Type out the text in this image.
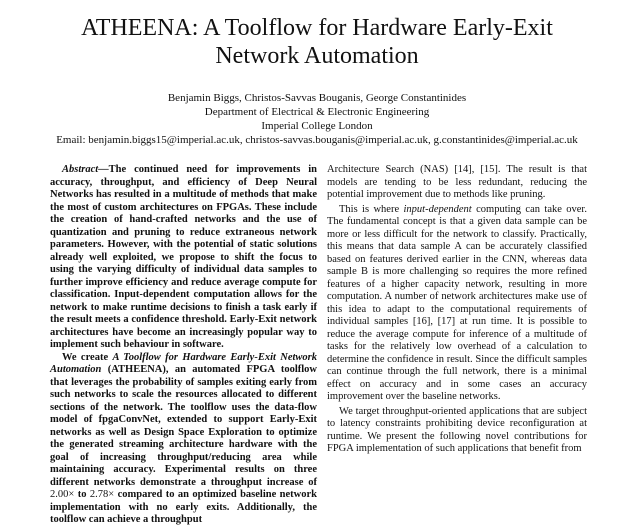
ATHEENA: A Toolflow for Hardware Early-Exit
Network Automation
Benjamin Biggs, Christos-Savvas Bouganis, George Constantinides
Department of Electrical & Electronic Engineering
Imperial College London
Email: benjamin.biggs15@imperial.ac.uk, christos-savvas.bouganis@imperial.ac.uk, g.constantinides@imperial.ac.uk

Abstract—The continued need for improvements in accuracy, throughput, and efficiency of Deep Neural Networks has resulted in a multitude of methods that make the most of custom architectures on FPGAs. These include the creation of hand-crafted networks and the use of quantization and pruning to reduce extraneous network parameters. However, with the potential of static solutions already well exploited, we propose to shift the focus to using the varying difficulty of individual data samples to further improve efficiency and reduce average compute for classification. Input-dependent computation allows for the network to make runtime decisions to finish a task early if the result meets a confidence threshold. Early-Exit network architectures have become an increasingly popular way to implement such behaviour in software.

We create A Toolflow for Hardware Early-Exit Network Automation (ATHEENA), an automated FPGA toolflow that leverages the probability of samples exiting early from such networks to scale the resources allocated to different sections of the network. The toolflow uses the data-flow model of fpgaConvNet, extended to support Early-Exit networks as well as Design Space Exploration to optimize the generated streaming architecture hardware with the goal of increasing throughput/reducing area while maintaining accuracy. Experimental results on three different networks demonstrate a throughput increase of 2.00× to 2.78× compared to an optimized baseline network implementation with no early exits. Additionally, the toolflow can achieve a throughput

Architecture Search (NAS) [14], [15]. The result is that models are tending to be less redundant, reducing the potential improvement due to methods like pruning.

This is where input-dependent computing can take over. The fundamental concept is that a given data sample can be more or less difficult for the network to classify. Practically, this means that data sample A can be accurately classified based on features derived earlier in the CNN, whereas data sample B is more challenging so requires the more refined features of a higher capacity network, resulting in more computation. A number of network architectures make use of this idea to adapt to the computational requirements of individual samples [16], [17] at run time. It is possible to reduce the average compute for inference of a multitude of tasks for the relatively low overhead of a calculation to determine the confidence in result. Since the difficult samples can continue through the full network, there is a minimal effect on accuracy and in some cases an accuracy improvement over the baseline networks.

We target throughput-oriented applications that are subject to latency constraints prohibiting device reconfiguration at runtime. We present the following novel contributions for FPGA implementation of such applications that benefit from
